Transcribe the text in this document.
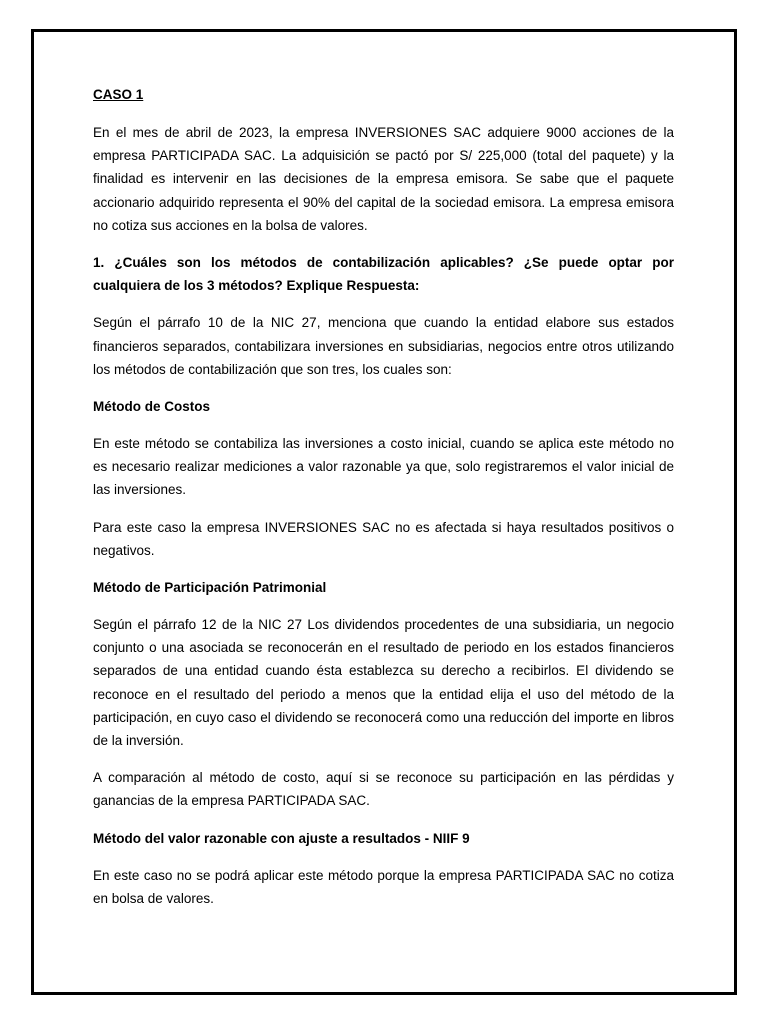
CASO 1

En el mes de abril de 2023, la empresa INVERSIONES SAC adquiere 9000 acciones de la empresa PARTICIPADA SAC. La adquisición se pactó por S/ 225,000 (total del paquete) y la finalidad es intervenir en las decisiones de la empresa emisora. Se sabe que el paquete accionario adquirido representa el 90% del capital de la sociedad emisora. La empresa emisora no cotiza sus acciones en la bolsa de valores.

1. ¿Cuáles son los métodos de contabilización aplicables? ¿Se puede optar por cualquiera de los 3 métodos? Explique Respuesta:

Según el párrafo 10 de la NIC 27, menciona que cuando la entidad elabore sus estados financieros separados, contabilizara inversiones en subsidiarias, negocios entre otros utilizando los métodos de contabilización que son tres, los cuales son:

Método de Costos

En este método se contabiliza las inversiones a costo inicial, cuando se aplica este método no es necesario realizar mediciones a valor razonable ya que, solo registraremos el valor inicial de las inversiones.

Para este caso la empresa INVERSIONES SAC no es afectada si haya resultados positivos o negativos.

Método de Participación Patrimonial

Según el párrafo 12 de la NIC 27 Los dividendos procedentes de una subsidiaria, un negocio conjunto o una asociada se reconocerán en el resultado de periodo en los estados financieros separados de una entidad cuando ésta establezca su derecho a recibirlos. El dividendo se reconoce en el resultado del periodo a menos que la entidad elija el uso del método de la participación, en cuyo caso el dividendo se reconocerá como una reducción del importe en libros de la inversión.

A comparación al método de costo, aquí si se reconoce su participación en las pérdidas y ganancias de la empresa PARTICIPADA SAC.

Método del valor razonable con ajuste a resultados - NIIF 9

En este caso no se podrá aplicar este método porque la empresa PARTICIPADA SAC no cotiza en bolsa de valores.
